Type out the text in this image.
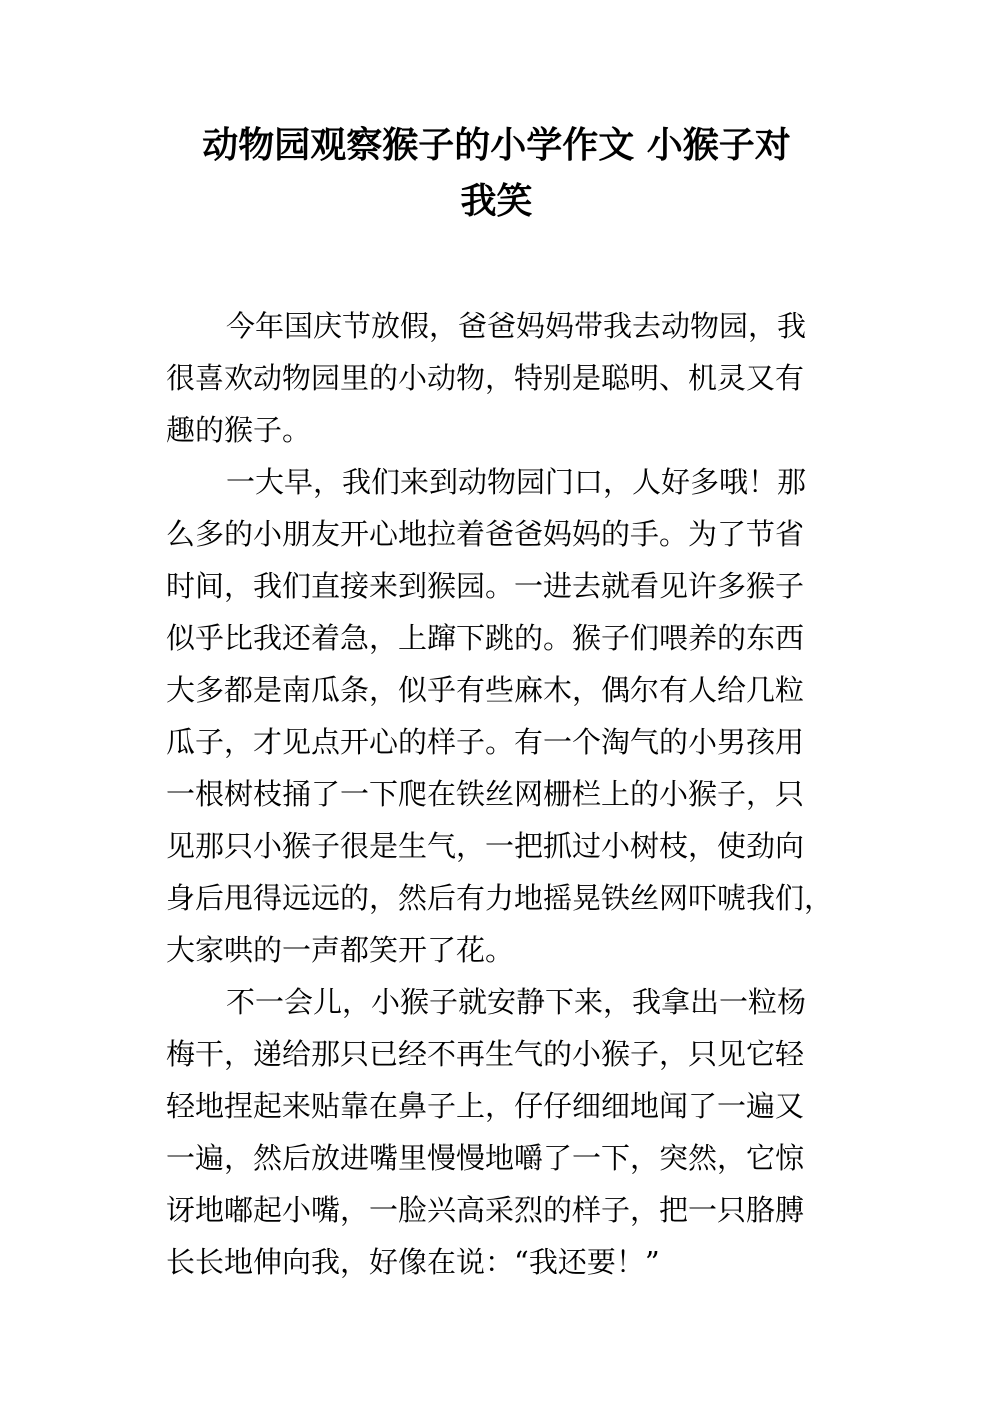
动物园观察猴子的小学作文 小猴子对
我笑

今年国庆节放假，爸爸妈妈带我去动物园，我
很喜欢动物园里的小动物，特别是聪明、机灵又有
趣的猴子。

一大早，我们来到动物园门口，人好多哦！那
么多的小朋友开心地拉着爸爸妈妈的手。为了节省
时间，我们直接来到猴园。一进去就看见许多猴子
似乎比我还着急，上蹿下跳的。猴子们喂养的东西
大多都是南瓜条，似乎有些麻木，偶尔有人给几粒
瓜子，才见点开心的样子。有一个淘气的小男孩用
一根树枝捅了一下爬在铁丝网栅栏上的小猴子，只
见那只小猴子很是生气，一把抓过小树枝，使劲向
身后甩得远远的，然后有力地摇晃铁丝网吓唬我们，
大家哄的一声都笑开了花。

不一会儿，小猴子就安静下来，我拿出一粒杨
梅干，递给那只已经不再生气的小猴子，只见它轻
轻地捏起来贴靠在鼻子上，仔仔细细地闻了一遍又
一遍，然后放进嘴里慢慢地嚼了一下，突然，它惊
讶地嘟起小嘴，一脸兴高采烈的样子，把一只胳膊
长长地伸向我，好像在说：“我还要！”
